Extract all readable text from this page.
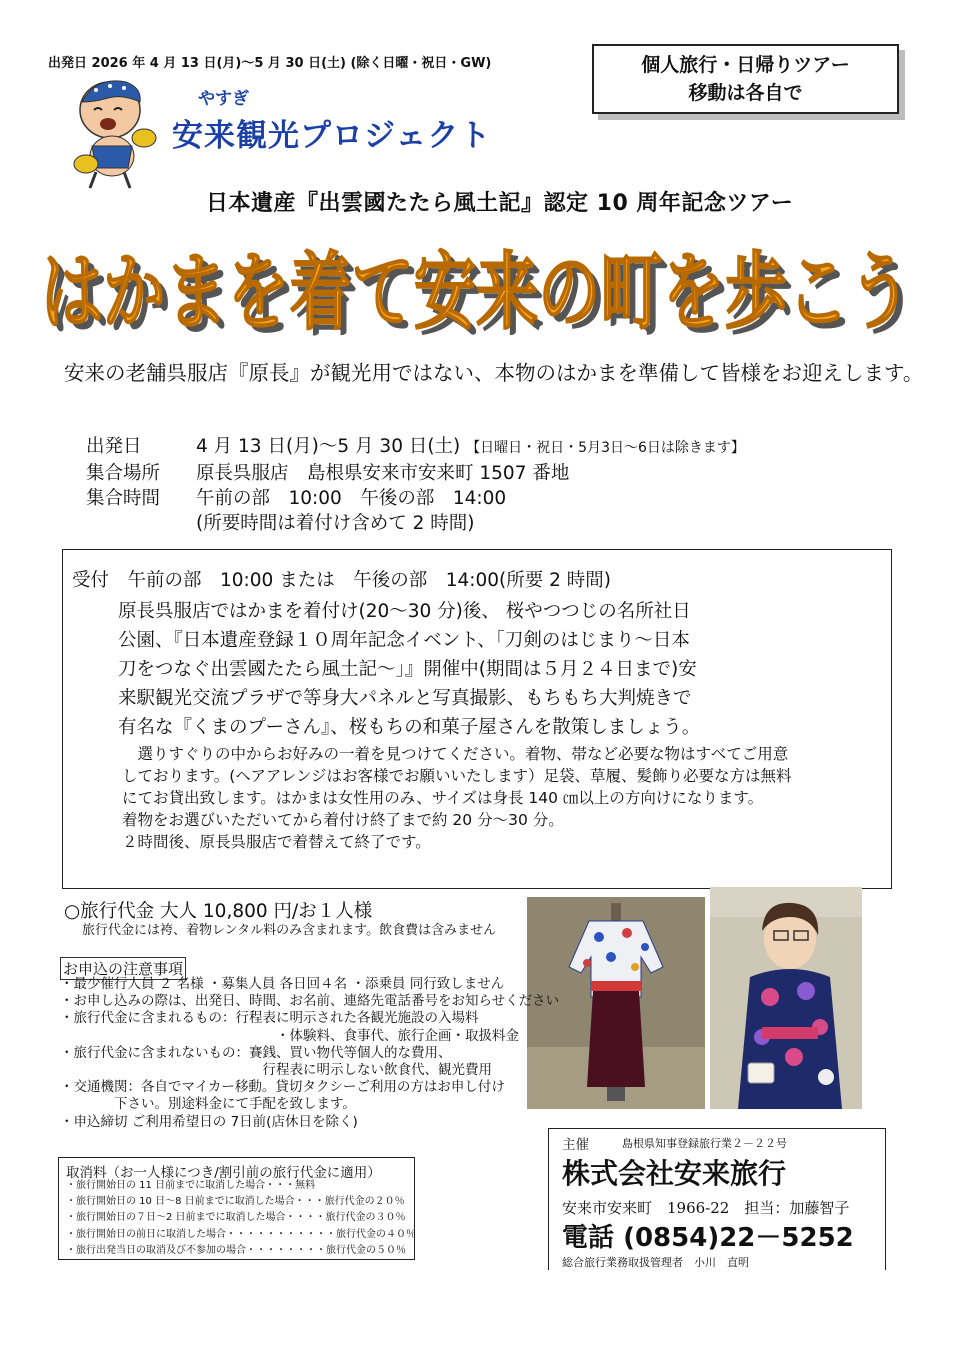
出発日 2026 年 4 月 13 日(月)～5 月 30 日(土) (除く日曜・祝日・GW)
やすぎ
安来観光プロジェクト
個人旅行・日帰りツアー
移動は各自で
日本遺産『出雲國たたら風土記』認定 10 周年記念ツアー
はかまを着て安来の町を歩こう
はかまを着て安来の町を歩こう
安来の老舗呉服店『原長』が観光用ではない、本物のはかまを準備して皆様をお迎えします。
出発日	4 月 13 日(月)～5 月 30 日(土) 【日曜日・祝日・5月3日～6日は除きます】
集合場所 原長呉服店　島根県安来市安来町 1507 番地
集合時間 午前の部　10:00　午後の部　14:00
(所要時間は着付け含めて 2 時間)
受付　午前の部　10:00 または　午後の部　14:00(所要 2 時間)
原長呉服店ではかまを着付け(20～30 分)後、 桜やつつじの名所社日
公園、『日本遺産登録１０周年記念イベント、「刀剣のはじまり～日本
刀をつなぐ出雲國たたら風土記～」』開催中(期間は５月２４日まで)安
来駅観光交流プラザで等身大パネルと写真撮影、もちもち大判焼きで
有名な『くまのプーさん』、桜もちの和菓子屋さんを散策しましょう。
　選りすぐりの中からお好みの一着を見つけてください。着物、帯など必要な物はすべてご用意
しております。(ヘアアレンジはお客様でお願いいたします）足袋、草履、髪飾り必要な方は無料
にてお貸出致します。はかまは女性用のみ、サイズは身長 140 ㎝以上の方向けになります。
着物をお選びいただいてから着付け終了まで約 20 分～30 分。
２時間後、原長呉服店で着替えて終了です。
○旅行代金 大人 10,800 円/お１人様
旅行代金には袴、着物レンタル料のみ含まれます。飲食費は含みません
お申込の注意事項
・最少催行人員 ２ 名様 ・募集人員 各日回４名 ・添乗員 同行致しません
・お申し込みの際は、出発日、時間、お名前、連絡先電話番号をお知らせください
・旅行代金に含まれるもの：行程表に明示された各観光施設の入場料
　　　　　　　　　　　　　　　　・体験料、食事代、旅行企画・取扱料金
・旅行代金に含まれないもの：賽銭、買い物代等個人的な費用、
　　　　　　　　　　　　　　　行程表に明示しない飲食代、観光費用
・交通機関：各自でマイカー移動。貸切タクシーご利用の方はお申し付け
　　　　下さい。別途料金にて手配を致します。
・申込締切 ご利用希望日の 7日前(店休日を除く)
取消料（お一人様につき/割引前の旅行代金に適用）
・旅行開始日の 11 日前までに取消した場合・・・無料
・旅行開始日の 10 日～8 日前までに取消した場合・・・旅行代金の２０％
・旅行開始日の７日～2 日前までに取消した場合・・・・旅行代金の３０％
・旅行開始日の前日に取消した場合・・・・・・・・・・・旅行代金の４０％
・旅行出発当日の取消及び不参加の場合・・・・・・・・旅行代金の５０％
主催	島根県知事登録旅行業２－２２号
株式会社安来旅行
安来市安来町　1966-22　担当：加藤智子
電話 (0854)22－5252
総合旅行業務取扱管理者　小川　直明
